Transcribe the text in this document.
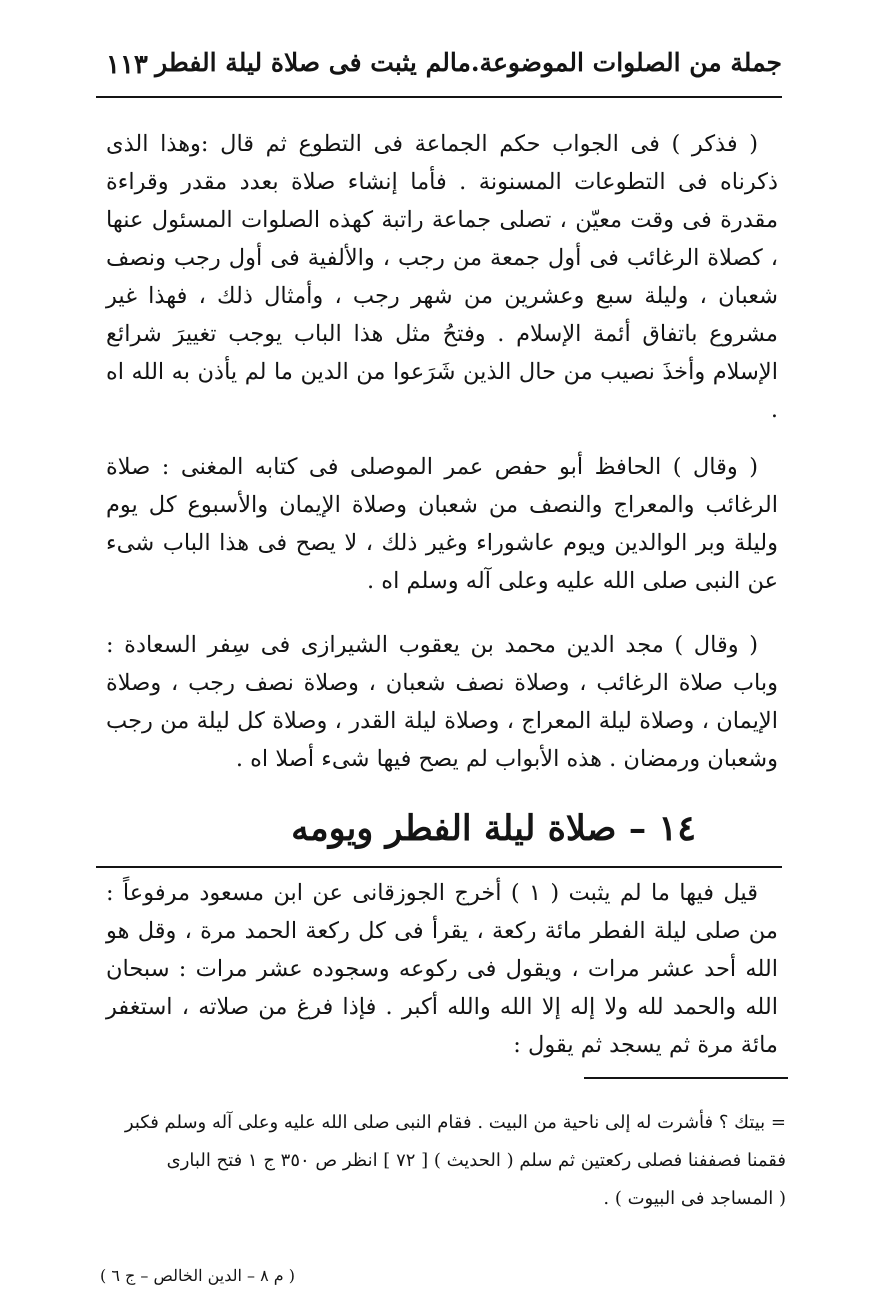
جملة من الصلوات الموضوعة.مالم يثبت فى صلاة ليلة الفطر
١١٣

( فذكر ) فى الجواب حكم الجماعة فى التطوع ثم قال :وهذا الذى ذكرناه فى التطوعات المسنونة . فأما إنشاء صلاة بعدد مقدر وقراءة مقدرة فى وقت معيّن ، تصلى جماعة راتبة كهذه الصلوات المسئول عنها ، كصلاة الرغائب فى أول جمعة من رجب ، والألفية فى أول رجب ونصف شعبان ، وليلة سبع وعشرين من شهر رجب ، وأمثال ذلك ، فهذا غير مشروع باتفاق أئمة الإسلام . وفتحُ مثل هذا الباب يوجب تغييرَ شرائع الإسلام وأخذَ نصيب من حال الذين شَرَعوا من الدين ما لم يأذن به الله اه .

( وقال ) الحافظ أبو حفص عمر الموصلى فى كتابه المغنى : صلاة الرغائب والمعراج والنصف من شعبان وصلاة الإيمان والأسبوع كل يوم وليلة وبر الوالدين ويوم عاشوراء وغير ذلك ، لا يصح فى هذا الباب شىء عن النبى صلى الله عليه وعلى آله وسلم اه .

( وقال ) مجد الدين محمد بن يعقوب الشيرازى فى سِفر السعادة : وباب صلاة الرغائب ، وصلاة نصف شعبان ، وصلاة نصف رجب ، وصلاة الإيمان ، وصلاة ليلة المعراج ، وصلاة ليلة القدر ، وصلاة كل ليلة من رجب وشعبان ورمضان . هذه الأبواب لم يصح فيها شىء أصلا اه .

١٤ – صلاة ليلة الفطر ويومه

قيل فيها ما لم يثبت ( ١ ) أخرج الجوزقانى عن ابن مسعود مرفوعاً : من صلى ليلة الفطر مائة ركعة ، يقرأ فى كل ركعة الحمد مرة ، وقل هو الله أحد عشر مرات ، ويقول فى ركوعه وسجوده عشر مرات : سبحان الله والحمد لله ولا إله إلا الله والله أكبر . فإذا فرغ من صلاته ، استغفر مائة مرة ثم يسجد ثم يقول :

= بيتك ؟ فأشرت له إلى ناحية من البيت . فقام النبى صلى الله عليه وعلى آله وسلم فكبر

فقمنا فصففنا فصلى ركعتين ثم سلم ( الحديث ) [ ٧٢ ] انظر ص ٣٥٠ ج ١ فتح البارى

( المساجد فى البيوت ) .

( م ٨ – الدين الخالص – ج ٦ )
